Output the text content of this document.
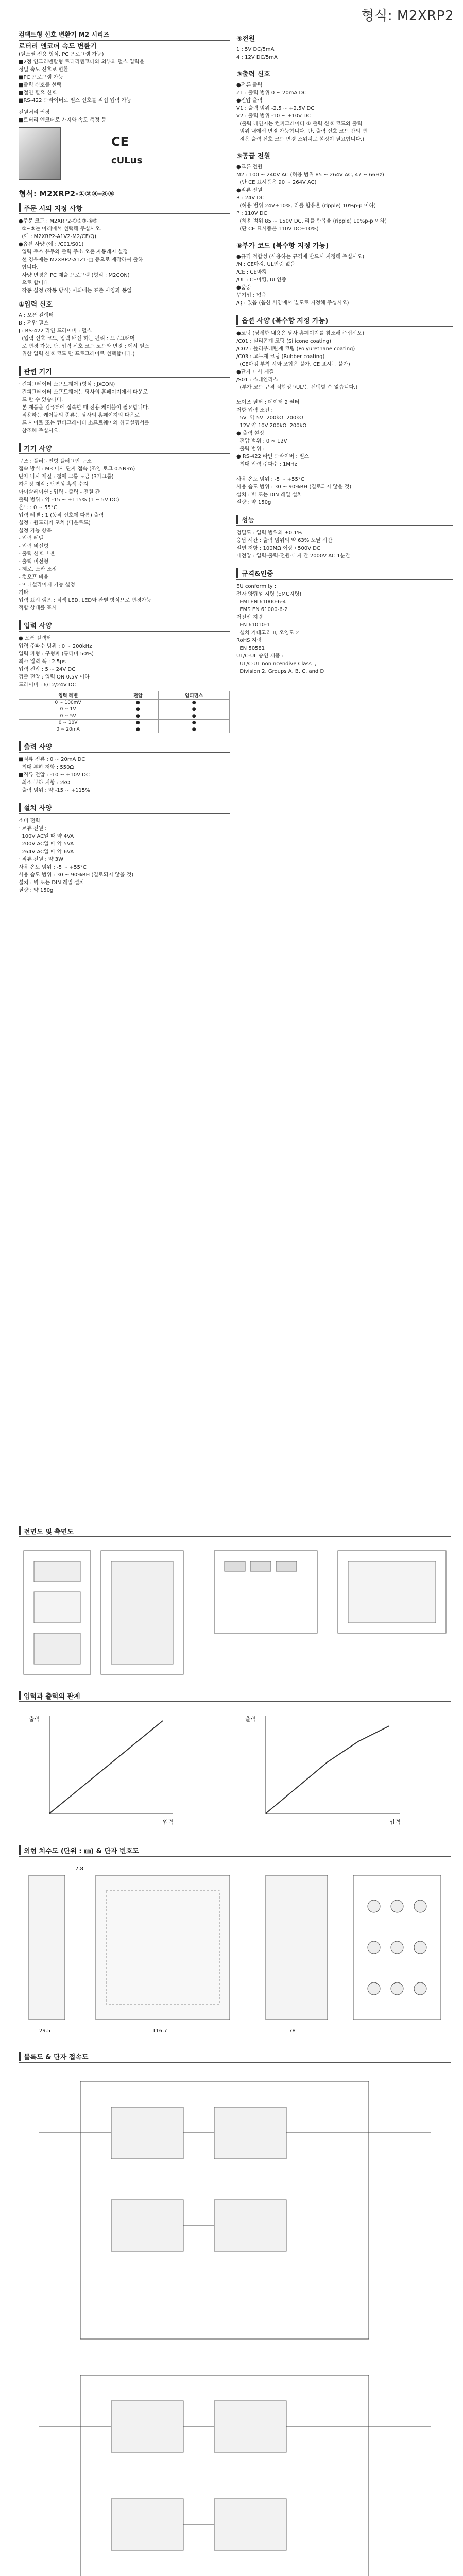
형식: M2XRP2
컴팩트형 신호 변환기 M2 시리즈
로터리 엔코더 속도 변환기
(펄스열 전용 형식, PC 프로그램 가능)
■2점 인크리멘탈형 로터리엔코더와 외부의 펄스 입력을
정밀 속도 신호로 변환
■PC 프로그램 가능
■출력 신호를 선택
■절연 필요 신호
■RS-422 드라이버로 펄스 신호를 직접 입력 가능
전원처리 권장
■로터리 엔코더로 가지와 속도 측정 등
CE
cULus
형식: M2XRP2-①②③-④⑤
주문 시의 지정 사항
●주문 코드 : M2XRP2-①②③-④⑤
①~⑤는 아래에서 선택해 주십시오.
(예 : M2XRP2-A1V2-M2/CE/Q)
●옵션 사양 (예 : /C01/S01)
입력 주소 유무와 출력 주소 오존 자동레지 설정
선 경우에는 M2XRP2-A1Z1-□ 등으로 제작하여 출하
합니다.
사양 변경은 PC 제출 프로그램 (형식 : M2CON)
으로 합니다.
작동 실정 (작동 방식) 이외에는 표준 사양과 동일
①입력 신호
A : 오픈 컬렉터
B : 전압 펄스
J : RS-422 라인 드라이버 : 펄스
(입력 신호 코드, 입력 배선 하는 편리 : 프로그래머
로 변경 가능, 단, 입력 신호 코드 코드와 변경 : 에서 펄스
위한 입력 신호 코드 만 프로그래머로 선택합니다.)
관련 기기
· 컨피그레이터 소프트웨어 (형식 : JXCON)
컨피그레이터 소프트웨어는 당사의 홈페이지에서 다운로
드 할 수 있습니다.
본 제품을 컴퓨터에 접속할 때 전용 케이블이 필요합니다.
적용하는 케이블의 종류는 당사의 홈페이지의 다운로
드 사이트 또는 컨피그레이터 소프트웨어의 취급설명서를
참조해 주십시오.
기기 사양
구조 : 플러그인형 플러그인 구조
접속 방식 : M3 나사 단자 접속 (조임 토크 0.5N·m)
단자 나사 재질 : 철에 크롬 도금 (3가크롬)
하우징 재질 : 난연성 흑색 수지
아이솔레이션 : 입력 - 출력 - 전원 간
출력 범위 : 약 -15 ~ +115% (1 ~ 5V DC)
온도 : 0 ~ 55°C
입력 레벨 : 1 (동작 신호에 따름) 출력
설정 : 원드리커 포치 (다운로드)
설정 가능 항목
- 입력 레벨
- 입력 비선형
- 출력 신호 비율
- 출력 비선형
- 제로, 스판 조정
- 컷오프 비율
- 이니셜라이저 기능 설정
기타
입력 표시 램프 : 적색 LED, LED와 판별 방식으로 변경가능
적합 상태를 표시
입력 사양
● 오픈 컬렉터
입력 주파수 범위 : 0 ~ 200kHz
입력 파형 : 구형파 (듀티비 50%)
최소 입력 폭 : 2.5μs
입력 전압 : 5 ~ 24V DC
검출 전압 : 입력 ON 0.5V 이하
드라이버 : 6/12/24V DC
입력 레벨	전압	임피던스
0 ~ 100mV	●	●
0 ~ 1V	●	●
0 ~ 5V	●	●
0 ~ 10V	●	●
0 ~ 20mA	●	●
출력 사양
■직류 전류 : 0 ~ 20mA DC
최대 부하 저항 : 550Ω
■직류 전압 : -10 ~ +10V DC
최소 부하 저항 : 2kΩ
출력 범위 : 약 -15 ~ +115%
설치 사양
소비 전력
· 교류 전원 :
100V AC일 때 약 4VA
200V AC일 때 약 5VA
264V AC일 때 약 6VA
· 직류 전원 : 약 3W
사용 온도 범위 : -5 ~ +55°C
사용 습도 범위 : 30 ~ 90%RH (결로되지 않을 것)
설치 : 벽 또는 DIN 레일 설치
질량 : 약 150g
④전원
1 : 5V DC/5mA
4 : 12V DC/5mA
③출력 신호
●전류 출력
Z1 : 출력 범위 0 ~ 20mA DC
●전압 출력
V1 : 출력 범위 -2.5 ~ +2.5V DC
V2 : 출력 범위 -10 ~ +10V DC
(출력 레인지는 컨피그레이터 ① 출력 신호 코드와 출력
범위 내에서 변경 가능합니다. 단, 출력 신호 코드 간의 변
경은 출력 신호 코드 변경 스위치로 설정이 필요합니다.)
⑤공급 전원
●교류 전원
M2 : 100 ~ 240V AC (허용 범위 85 ~ 264V AC, 47 ~ 66Hz)
(단 CE 표시품은 90 ~ 264V AC)
●직류 전원
R : 24V DC
(허용 범위 24V±10%, 리플 함유율 (ripple) 10%p-p 이하)
P : 110V DC
(허용 범위 85 ~ 150V DC, 리플 함유율 (ripple) 10%p-p 이하)
(단 CE 표시품은 110V DC±10%)
⑥부가 코드 (복수항 지정 가능)
●규격 적합성 (사용하는 규격에 반드시 지정해 주십시오)
/N : CE마킹, UL인증 없음
/CE : CE마킹
/UL : CE마킹, UL인증
●품증
무기입 : 없음
/Q : 있음 (옵션 사양에서 별도로 지정해 주십시오)
옵션 사양 (복수항 지정 가능)
●코팅 (상세한 내용은 당사 홈페이지를 참조해 주십시오)
/C01 : 실리콘계 코팅 (Silicone coating)
/C02 : 폴리우레탄계 코팅 (Polyurethane coating)
/C03 : 고무계 코팅 (Rubber coating)
(CE마킹 부착 시와 조합은 불가, CE 표시는 불가)
●단자 나사 재질
/S01 : 스테인리스
(부가 코드 규격 적합성 '/UL'는 선택할 수 없습니다.)
노이즈 필터 : 데이터 2 필터
저항 입력 조건 :
5V  약 5V  200kΩ  200kΩ
12V 약 10V 200kΩ  200kΩ
● 출력 설정
전압 범위 : 0 ~ 12V
출력 범위 :
● RS-422 라인 드라이버 : 펄스
최대 입력 주파수 : 1MHz
사용 온도 범위 : -5 ~ +55°C
사용 습도 범위 : 30 ~ 90%RH (결로되지 않을 것)
설치 : 벽 또는 DIN 레일 설치
질량 : 약 150g
성능
정밀도 : 입력 범위의 ±0.1%
응답 시간 : 출력 범위의 약 63% 도달 시간
절연 저항 : 100MΩ 이상 / 500V DC
내전압 : 입력-출력-전원-대지 간 2000V AC 1분간
규격&인증
EU conformity :
전자 양립성 지령 (EMC지령)
EMI EN 61000-6-4
EMS EN 61000-6-2
저전압 지령
EN 61010-1
설치 카테고리 II, 오염도 2
RoHS 지령
EN 50581
UL/C-UL 승인 제품 :
UL/C-UL nonincendive Class I,
Division 2, Groups A, B, C, and D
전면도 및 측면도
입력과 출력의 관계
출력
입력
출력
입력
외형 치수도 (단위 : ㎜) & 단자 번호도
116.7
29.5	78
7.8
블록도 & 단자 접속도
